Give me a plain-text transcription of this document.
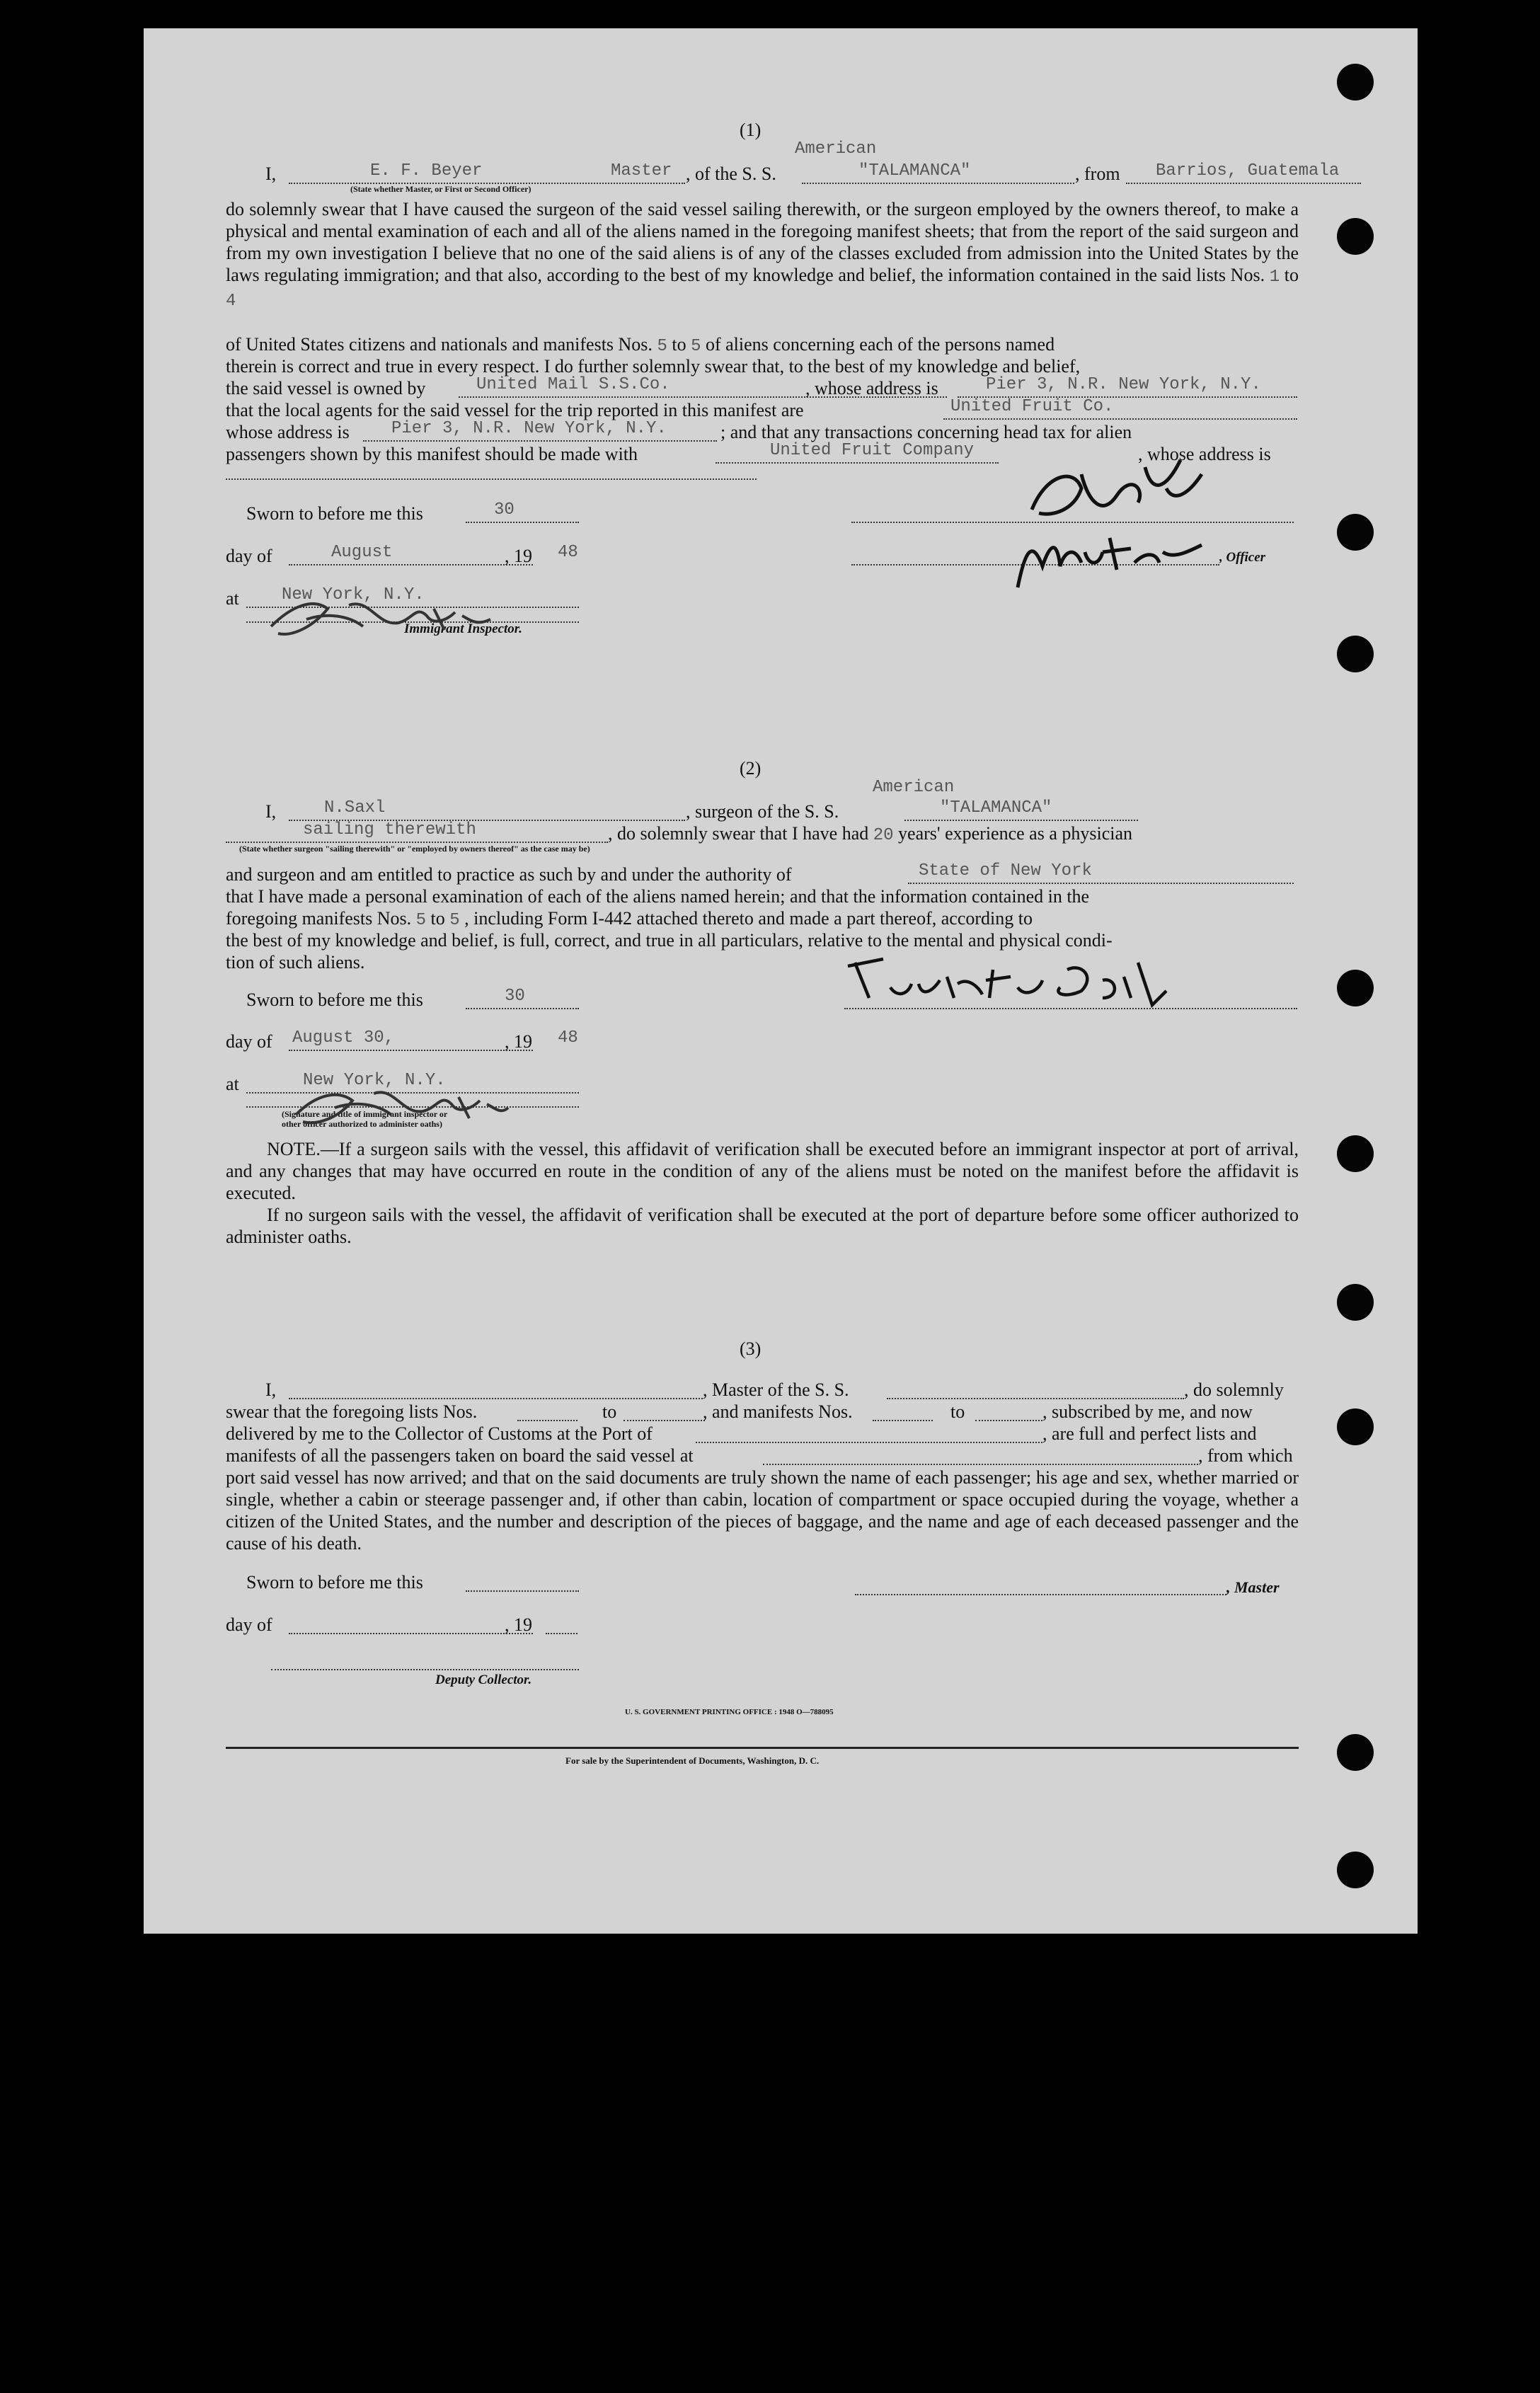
(1)
American
I,	E. F. Beyer	Master , of the S. S.	"TALAMANCA"	, from Barrios, Guatemala
(State whether Master, or First or Second Officer)
do solemnly swear that I have caused the surgeon of the said vessel sailing therewith, or the surgeon employed by the owners thereof, to make a physical and mental examination of each and all of the aliens named in the foregoing manifest sheets; that from the report of the said surgeon and from my own investigation I believe that no one of the said aliens is of any of the classes excluded from admission into the United States by the laws regulating immigration; and that also, according to the best of my knowledge and belief, the information contained in the said lists Nos. 1 to 4
of United States citizens and nationals and manifests Nos. 5 to 5 of aliens concerning each of the persons named
therein is correct and true in every respect. I do further solemnly swear that, to the best of my knowledge and belief,
the said vessel is owned by	United Mail S.S.Co.	, whose address is	Pier 3, N.R. New York, N.Y.
that the local agents for the said vessel for the trip reported in this manifest are	United Fruit Co.
whose address is Pier 3, N.R. New York, N.Y.	; and that any transactions concerning head tax for alien
passengers shown by this manifest should be made with	United Fruit Company	, whose address is
Sworn to before me this	30
day of	August	, 19 48	, Officer
at	New York, N.Y.
Immigrant Inspector.
(2)
American
I,	N.Saxl	, surgeon of the S. S.	"TALAMANCA"
sailing therewith	, do solemnly swear that I have had 20 years' experience as a physician
(State whether surgeon "sailing therewith" or "employed by owners thereof" as the case may be)
and surgeon and am entitled to practice as such by and under the authority of	State of New York
that I have made a personal examination of each of the aliens named herein; and that the information contained in the
foregoing manifests Nos. 5 to 5 , including Form I-442 attached thereto and made a part thereof, according to
the best of my knowledge and belief, is full, correct, and true in all particulars, relative to the mental and physical condi-
tion of such aliens.
Sworn to before me this	30
day of August 30,	, 19 48
at	New York, N.Y.
(Signature and title of immigrant inspector or
other officer authorized to administer oaths)
NOTE.—If a surgeon sails with the vessel, this affidavit of verification shall be executed before an immigrant inspector at port of arrival, and any changes that may have occurred en route in the condition of any of the aliens must be noted on the manifest before the affidavit is executed.
If no surgeon sails with the vessel, the affidavit of verification shall be executed at the port of departure before some officer authorized to administer oaths.
(3)
I,	, Master of the S. S.	, do solemnly
swear that the foregoing lists Nos.	to	, and manifests Nos.	to	, subscribed by me, and now
delivered by me to the Collector of Customs at the Port of	, are full and perfect lists and
manifests of all the passengers taken on board the said vessel at	, from which
port said vessel has now arrived; and that on the said documents are truly shown the name of each passenger; his age and sex, whether married or single, whether a cabin or steerage passenger and, if other than cabin, location of compartment or space occupied during the voyage, whether a citizen of the United States, and the number and description of the pieces of baggage, and the name and age of each deceased passenger and the cause of his death.
Sworn to before me this	, Master
day of	, 19
Deputy Collector.
U. S. GOVERNMENT PRINTING OFFICE : 1948 O—788095
For sale by the Superintendent of Documents, Washington, D. C.
